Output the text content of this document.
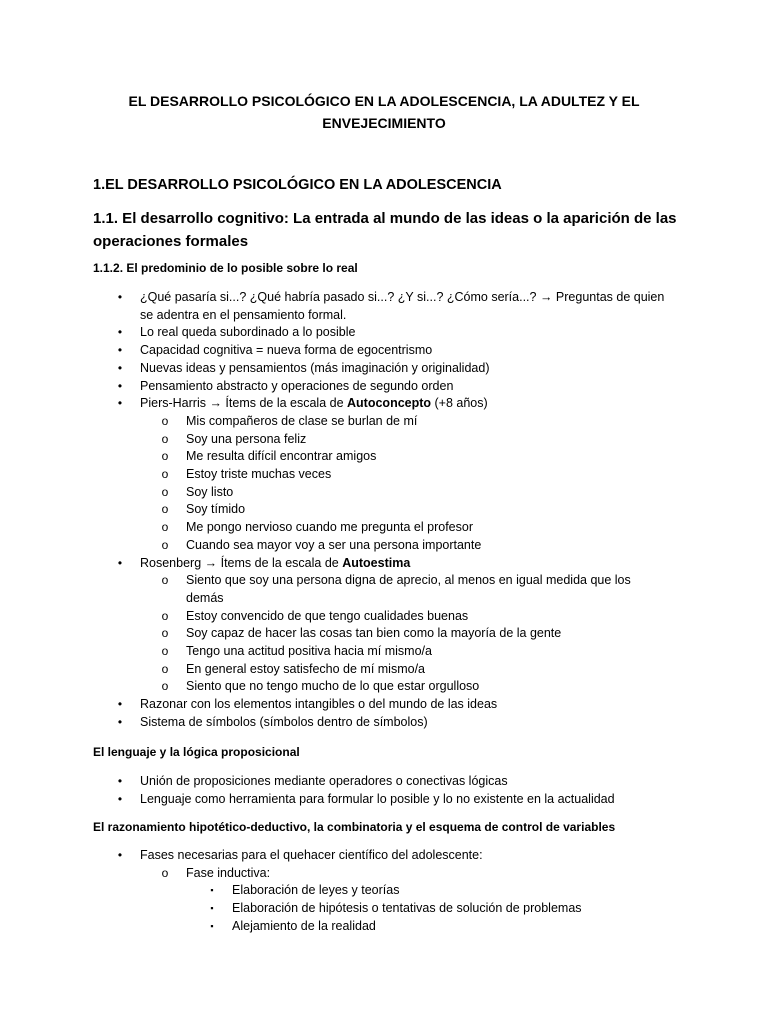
EL DESARROLLO PSICOLÓGICO EN LA ADOLESCENCIA, LA ADULTEZ Y EL ENVEJECIMIENTO
1.EL DESARROLLO PSICOLÓGICO EN LA ADOLESCENCIA
1.1. El desarrollo cognitivo: La entrada al mundo de las ideas o la aparición de las operaciones formales
1.1.2. El predominio de lo posible sobre lo real
•	¿Qué pasaría si...? ¿Qué habría pasado si...? ¿Y si...? ¿Cómo sería...? → Preguntas de quien se adentra en el pensamiento formal.
•	Lo real queda subordinado a lo posible
•	Capacidad cognitiva = nueva forma de egocentrismo
•	Nuevas ideas y pensamientos (más imaginación y originalidad)
•	Pensamiento abstracto y operaciones de segundo orden
•	Piers-Harris → Ítems de la escala de Autoconcepto (+8 años)
o Mis compañeros de clase se burlan de mí
o Soy una persona feliz
o Me resulta difícil encontrar amigos
o Estoy triste muchas veces
o Soy listo
o Soy tímido
o Me pongo nervioso cuando me pregunta el profesor
o Cuando sea mayor voy a ser una persona importante
•	Rosenberg → Ítems de la escala de Autoestima
o Siento que soy una persona digna de aprecio, al menos en igual medida que los demás
o Estoy convencido de que tengo cualidades buenas
o Soy capaz de hacer las cosas tan bien como la mayoría de la gente
o Tengo una actitud positiva hacia mí mismo/a
o En general estoy satisfecho de mí mismo/a
o Siento que no tengo mucho de lo que estar orgulloso
•	Razonar con los elementos intangibles o del mundo de las ideas
•	Sistema de símbolos (símbolos dentro de símbolos)
El lenguaje y la lógica proposicional
•	Unión de proposiciones mediante operadores o conectivas lógicas
•	Lenguaje como herramienta para formular lo posible y lo no existente en la actualidad
El razonamiento hipotético-deductivo, la combinatoria y el esquema de control de variables
•	Fases necesarias para el quehacer científico del adolescente:
o Fase inductiva:
▪	Elaboración de leyes y teorías
▪	Elaboración de hipótesis o tentativas de solución de problemas
▪	Alejamiento de la realidad
